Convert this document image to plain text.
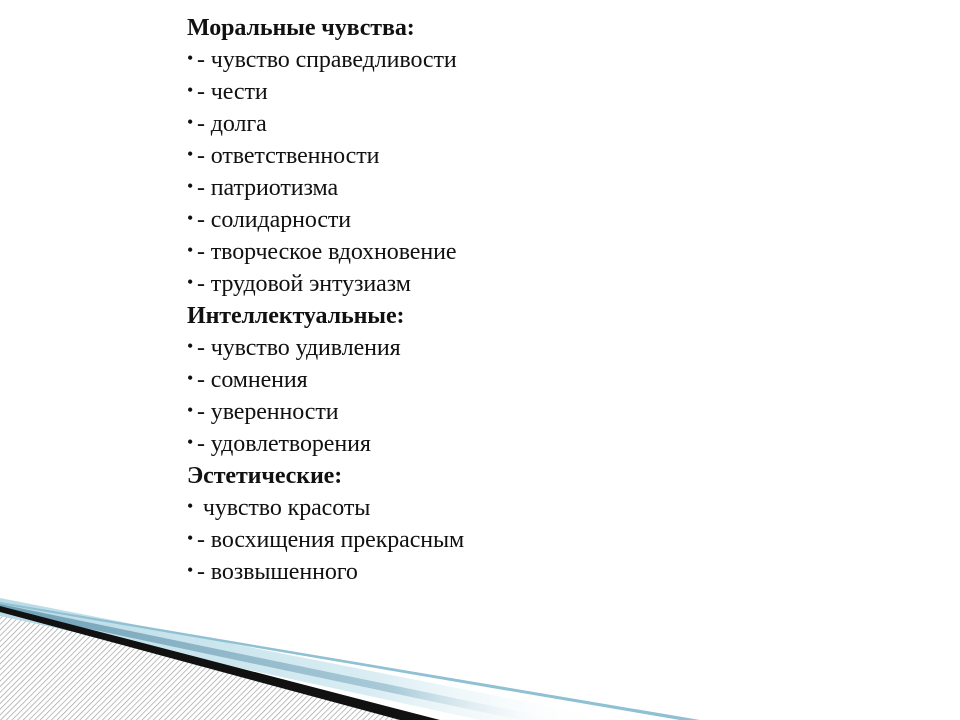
Моральные чувства:
• - чувство справедливости
• - чести
• - долга
• - ответственности
• - патриотизма
• - солидарности
• - творческое вдохновение
• - трудовой энтузиазм
Интеллектуальные:
• - чувство удивления
• - сомнения
• - уверенности
• - удовлетворения
Эстетические:
• чувство красоты
• - восхищения прекрасным
• - возвышенного
